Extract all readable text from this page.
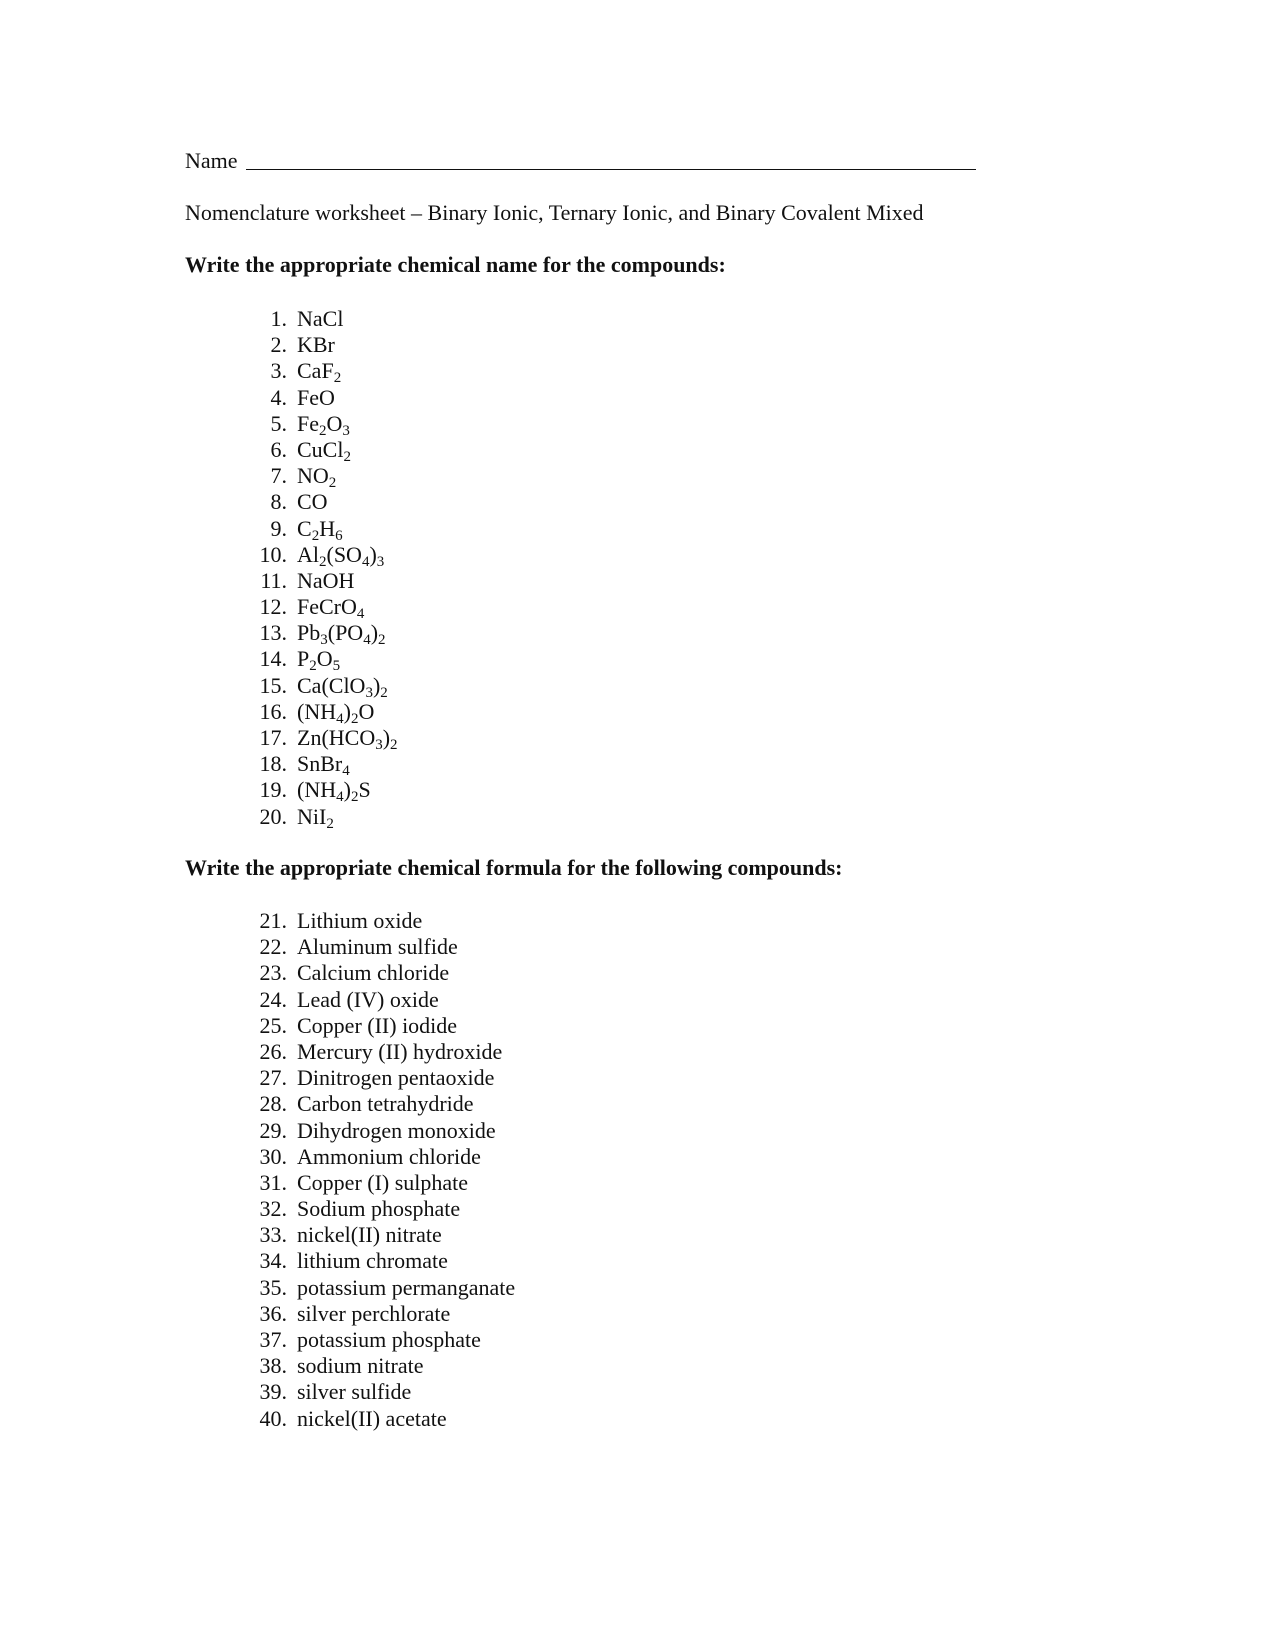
Name
Nomenclature worksheet – Binary Ionic, Ternary Ionic, and Binary Covalent Mixed
Write the appropriate chemical name for the compounds:
1. NaCl
2. KBr
3. CaF$_2$
4. FeO
5. $Fe_2O_3$
6. CuCl$_2$
7. $NO_2$
8. CO
9. $C_2H_6$
10. $Al_2(SO_4)_3$
11. NaOH
12. FeCrO$_4$
13. $Pb_3(PO_4)_2$
14. $P_2O_5$
15. $Ca(ClO_3)_2$
16. $(NH_4)_2O$
17. $Zn(HCO_3)_2$
18. SnBr$_4$
19. $(NH_4)_2S$
20. NiI$_2$
Write the appropriate chemical formula for the following compounds:
21. Lithium oxide
22. Aluminum sulfide
23. Calcium chloride
24. Lead (IV) oxide
25. Copper (II) iodide
26. Mercury (II) hydroxide
27. Dinitrogen pentaoxide
28. Carbon tetrahydride
29. Dihydrogen monoxide
30. Ammonium chloride
31. Copper (I) sulphate
32. Sodium phosphate
33. nickel(II) nitrate
34. lithium chromate
35. potassium permanganate
36. silver perchlorate
37. potassium phosphate
38. sodium nitrate
39. silver sulfide
40. nickel(II) acetate
